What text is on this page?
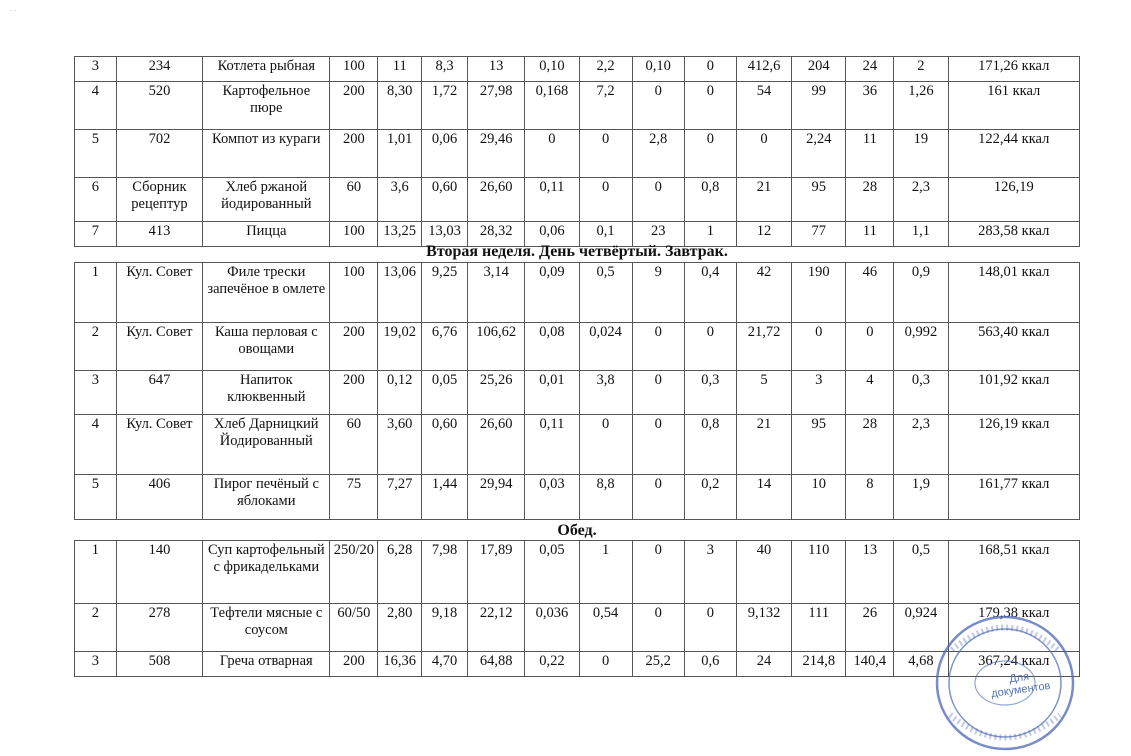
. .
3	234	Котлета рыбная	100	11	8,3	13	0,10	2,2	0,10	0	412,6	204	24	2	171,26 ккал
4	520	Картофельное пюре	200	8,30	1,72	27,98	0,168	7,2	0	0	54	99	36	1,26	161 ккал
5	702	Компот из кураги	200	1,01	0,06	29,46	0	0	2,8	0	0	2,24	11	19	122,44 ккал
6	Сборник рецептур	Хлеб ржаной йодированный	60	3,6	0,60	26,60	0,11	0	0	0,8	21	95	28	2,3	126,19
7	413	Пицца	100	13,25	13,03	28,32	0,06	0,1	23	1	12	77	11	1,1	283,58 ккал
Вторая неделя. День четвёртый. Завтрак.
1	Кул. Совет	Филе трески запечёное в омлете	100	13,06	9,25	3,14	0,09	0,5	9	0,4	42	190	46	0,9	148,01 ккал
2	Кул. Совет	Каша перловая с овощами	200	19,02	6,76	106,62	0,08	0,024	0	0	21,72	0	0	0,992	563,40 ккал
3	647	Напиток клюквенный	200	0,12	0,05	25,26	0,01	3,8	0	0,3	5	3	4	0,3	101,92 ккал
4	Кул. Совет	Хлеб Дарницкий Йодированный	60	3,60	0,60	26,60	0,11	0	0	0,8	21	95	28	2,3	126,19 ккал
5	406	Пирог печёный с яблоками	75	7,27	1,44	29,94	0,03	8,8	0	0,2	14	10	8	1,9	161,77 ккал
Обед.
1	140	Суп картофельный с фрикадельками	250/20	6,28	7,98	17,89	0,05	1	0	3	40	110	13	0,5	168,51 ккал
2	278	Тефтели мясные с соусом	60/50	2,80	9,18	22,12	0,036	0,54	0	0	9,132	111	26	0,924	179,38 ккал
3	508	Греча отварная	200	16,36	4,70	64,88	0,22	0	25,2	0,6	24	214,8	140,4	4,68	367,24 ккал
Для документов
